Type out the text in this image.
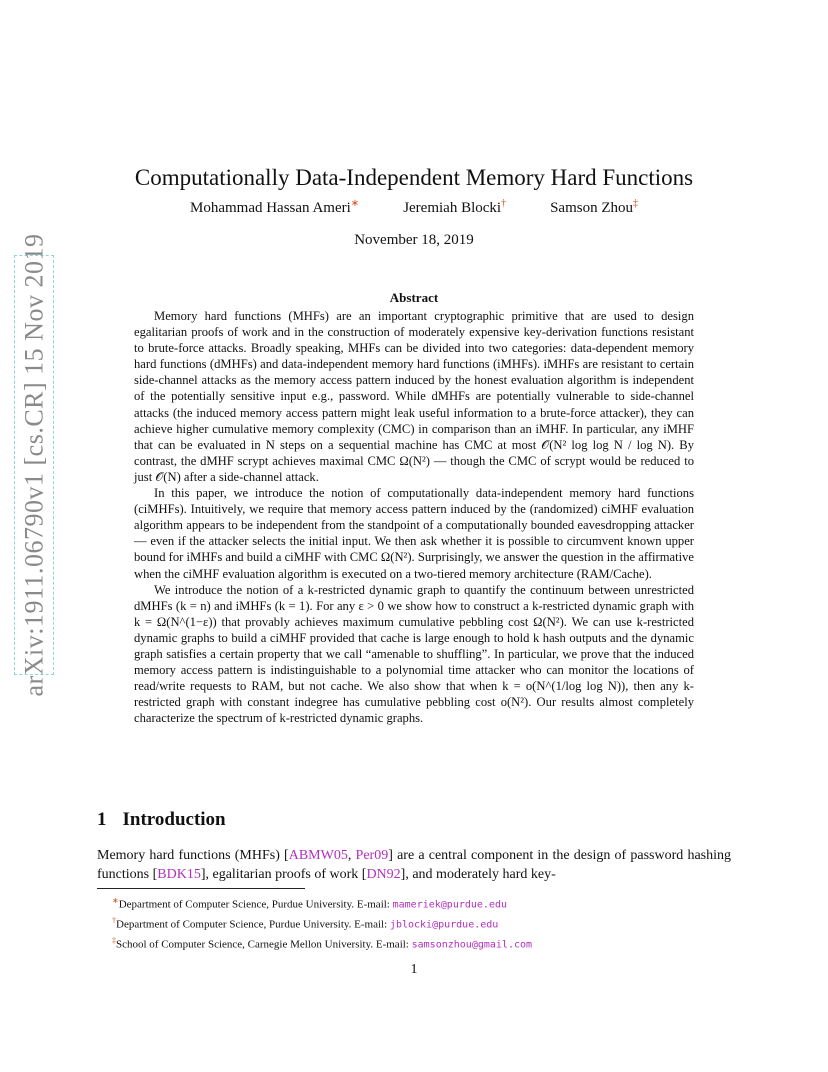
arXiv:1911.06790v1 [cs.CR] 15 Nov 2019
Computationally Data-Independent Memory Hard Functions
Mohammad Hassan Ameri∗	Jeremiah Blocki†	Samson Zhou‡
November 18, 2019
Abstract

Memory hard functions (MHFs) are an important cryptographic primitive that are used to design egalitarian proofs of work and in the construction of moderately expensive key-derivation functions resistant to brute-force attacks. Broadly speaking, MHFs can be divided into two categories: data-dependent memory hard functions (dMHFs) and data-independent memory hard functions (iMHFs). iMHFs are resistant to certain side-channel attacks as the memory access pattern induced by the honest evaluation algorithm is independent of the potentially sensitive input e.g., password. While dMHFs are potentially vulnerable to side-channel attacks (the induced memory access pattern might leak useful information to a brute-force attacker), they can achieve higher cumulative memory complexity (CMC) in comparison than an iMHF. In particular, any iMHF that can be evaluated in N steps on a sequential machine has CMC at most 𝒪(N² log log N / log N). By contrast, the dMHF scrypt achieves maximal CMC Ω(N²) — though the CMC of scrypt would be reduced to just 𝒪(N) after a side-channel attack.

In this paper, we introduce the notion of computationally data-independent memory hard functions (ciMHFs). Intuitively, we require that memory access pattern induced by the (randomized) ciMHF evaluation algorithm appears to be independent from the standpoint of a computationally bounded eavesdropping attacker — even if the attacker selects the initial input. We then ask whether it is possible to circumvent known upper bound for iMHFs and build a ciMHF with CMC Ω(N²). Surprisingly, we answer the question in the affirmative when the ciMHF evaluation algorithm is executed on a two-tiered memory architecture (RAM/Cache).

We introduce the notion of a k-restricted dynamic graph to quantify the continuum between unrestricted dMHFs (k = n) and iMHFs (k = 1). For any ε > 0 we show how to construct a k-restricted dynamic graph with k = Ω(N^(1−ε)) that provably achieves maximum cumulative pebbling cost Ω(N²). We can use k-restricted dynamic graphs to build a ciMHF provided that cache is large enough to hold k hash outputs and the dynamic graph satisfies a certain property that we call “amenable to shuffling”. In particular, we prove that the induced memory access pattern is indistinguishable to a polynomial time attacker who can monitor the locations of read/write requests to RAM, but not cache. We also show that when k = o(N^(1/log log N)), then any k-restricted graph with constant indegree has cumulative pebbling cost o(N²). Our results almost completely characterize the spectrum of k-restricted dynamic graphs.

1 Introduction

Memory hard functions (MHFs) [ABMW05, Per09] are a central component in the design of password hashing functions [BDK15], egalitarian proofs of work [DN92], and moderately hard key-

∗Department of Computer Science, Purdue University. E-mail: mameriek@purdue.edu
†Department of Computer Science, Purdue University. E-mail: jblocki@purdue.edu
‡School of Computer Science, Carnegie Mellon University. E-mail: samsonzhou@gmail.com
1
